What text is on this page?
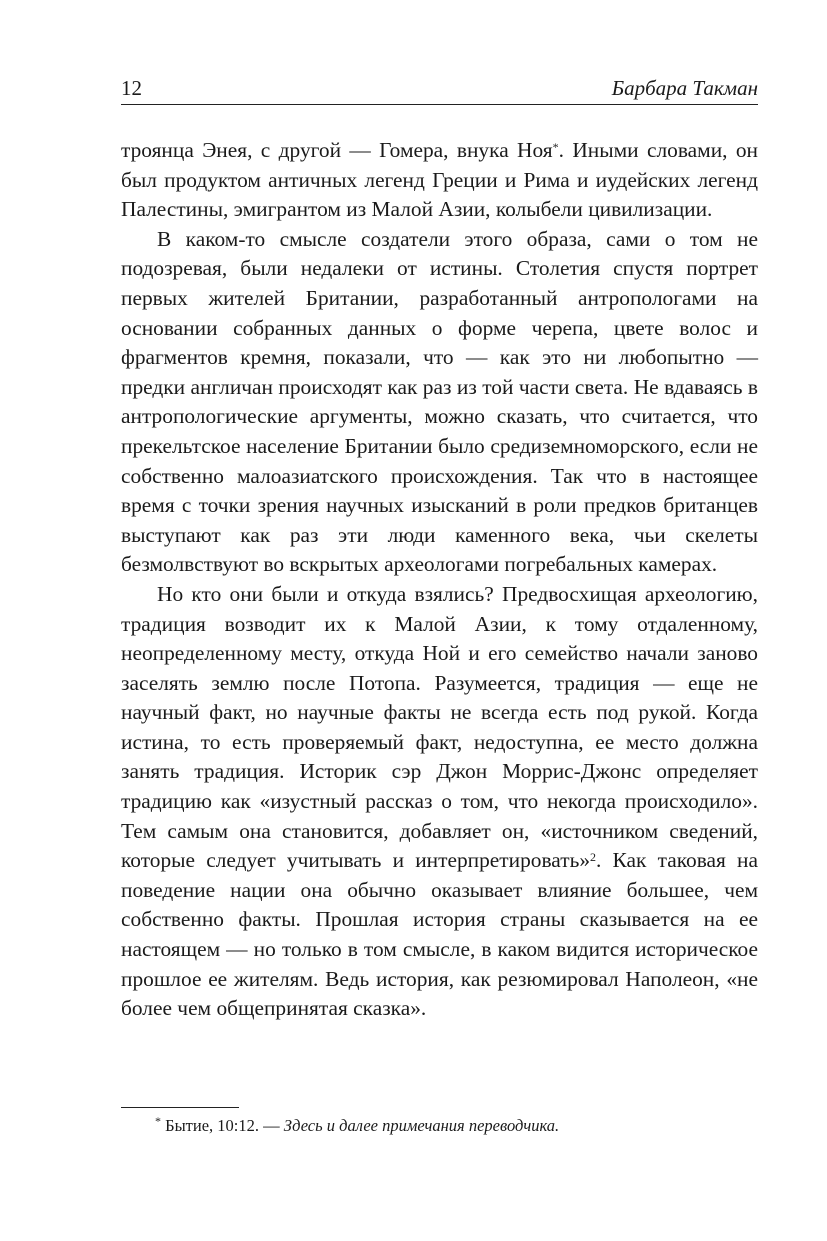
12	Барбара Такман

троянца Энея, с другой — Гомера, внука Ноя*. Иными словами, он был продуктом античных легенд Греции и Рима и иудейских легенд Палестины, эмигрантом из Малой Азии, колыбели цивилизации.

В каком-то смысле создатели этого образа, сами о том не подозревая, были недалеки от истины. Столетия спустя портрет первых жителей Британии, разработанный антропологами на основании собранных данных о форме черепа, цвете волос и фрагментов кремня, показали, что — как это ни любопытно — предки англичан происходят как раз из той части света. Не вдаваясь в антропологические аргументы, можно сказать, что считается, что прекельтское население Британии было средиземноморского, если не собственно малоазиатского происхождения. Так что в настоящее время с точки зрения научных изысканий в роли предков британцев выступают как раз эти люди каменного века, чьи скелеты безмолвствуют во вскрытых археологами погребальных камерах.

Но кто они были и откуда взялись? Предвосхищая археологию, традиция возводит их к Малой Азии, к тому отдаленному, неопределенному месту, откуда Ной и его семейство начали заново заселять землю после Потопа. Разумеется, традиция — еще не научный факт, но научные факты не всегда есть под рукой. Когда истина, то есть проверяемый факт, недоступна, ее место должна занять традиция. Историк сэр Джон Моррис-Джонс определяет традицию как «изустный рассказ о том, что некогда происходило». Тем самым она становится, добавляет он, «источником сведений, которые следует учитывать и интерпретировать»$^2$. Как таковая на поведение нации она обычно оказывает влияние большее, чем собственно факты. Прошлая история страны сказывается на ее настоящем — но только в том смысле, в каком видится историческое прошлое ее жителям. Ведь история, как резюмировал Наполеон, «не более чем общепринятая сказка».

* Бытие, 10:12. — Здесь и далее примечания переводчика.
